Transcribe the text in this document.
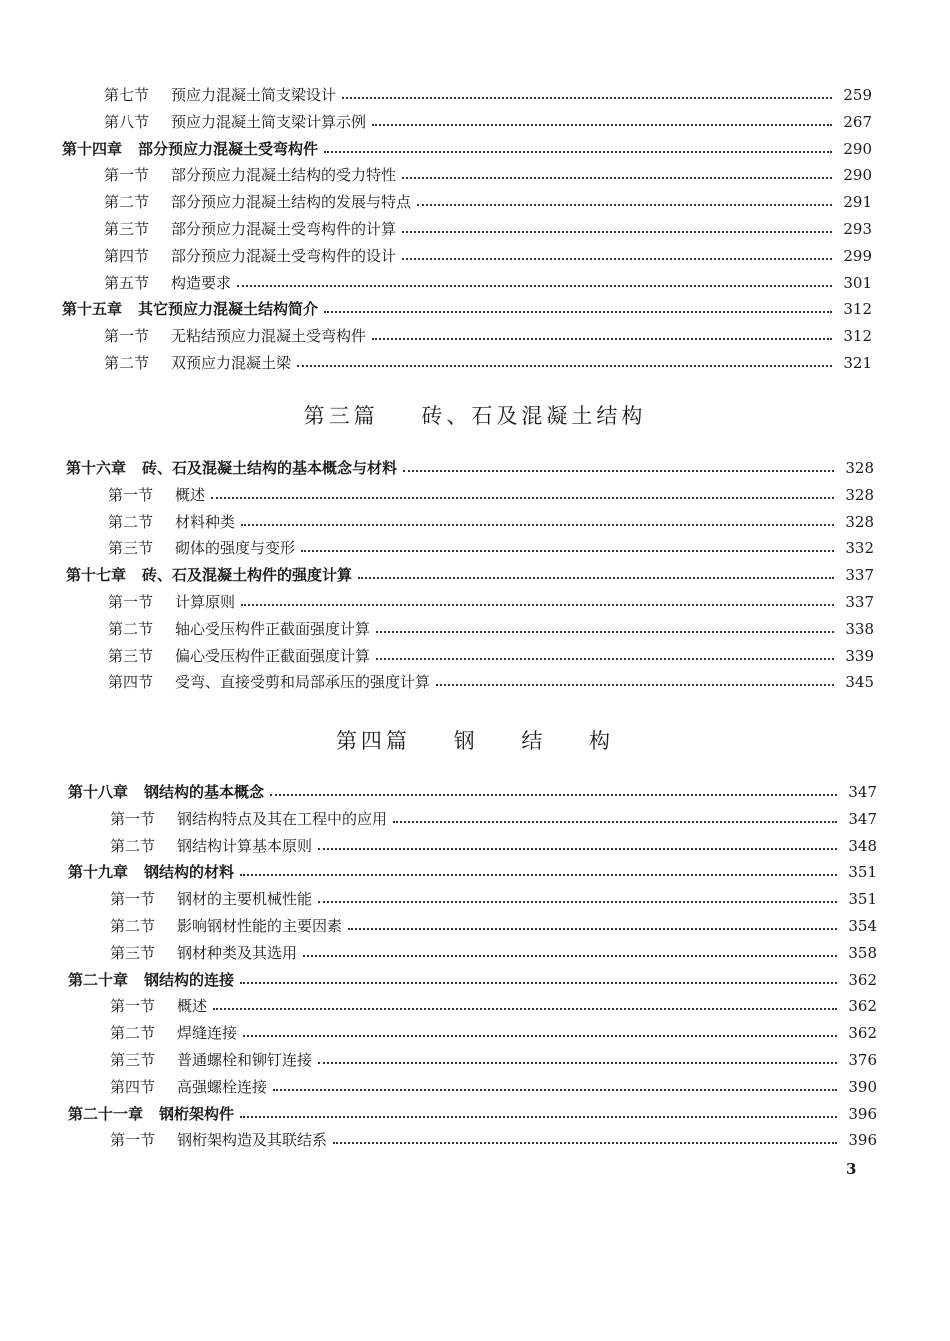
第七节 预应力混凝土简支梁设计	259
第八节 预应力混凝土简支梁计算示例	267
第十四章 部分预应力混凝土受弯构件	290
第一节 部分预应力混凝土结构的受力特性	290
第二节 部分预应力混凝土结构的发展与特点	291
第三节 部分预应力混凝土受弯构件的计算	293
第四节 部分预应力混凝土受弯构件的设计	299
第五节 构造要求	301
第十五章 其它预应力混凝土结构简介	312
第一节 无粘结预应力混凝土受弯构件	312
第二节 双预应力混凝土梁	321
第三篇    砖、石及混凝土结构
第十六章 砖、石及混凝土结构的基本概念与材料	328
第一节 概述	328
第二节 材料种类	328
第三节 砌体的强度与变形	332
第十七章 砖、石及混凝土构件的强度计算	337
第一节 计算原则	337
第二节 轴心受压构件正截面强度计算	338
第三节 偏心受压构件正截面强度计算	339
第四节 受弯、直接受剪和局部承压的强度计算	345
第四篇    钢    结    构
第十八章 钢结构的基本概念	347
第一节 钢结构特点及其在工程中的应用	347
第二节 钢结构计算基本原则	348
第十九章 钢结构的材料	351
第一节 钢材的主要机械性能	351
第二节 影响钢材性能的主要因素	354
第三节 钢材种类及其选用	358
第二十章 钢结构的连接	362
第一节 概述	362
第二节 焊缝连接	362
第三节 普通螺栓和铆钉连接	376
第四节 高强螺栓连接	390
第二十一章 钢桁架构件	396
第一节 钢桁架构造及其联结系	396
3
